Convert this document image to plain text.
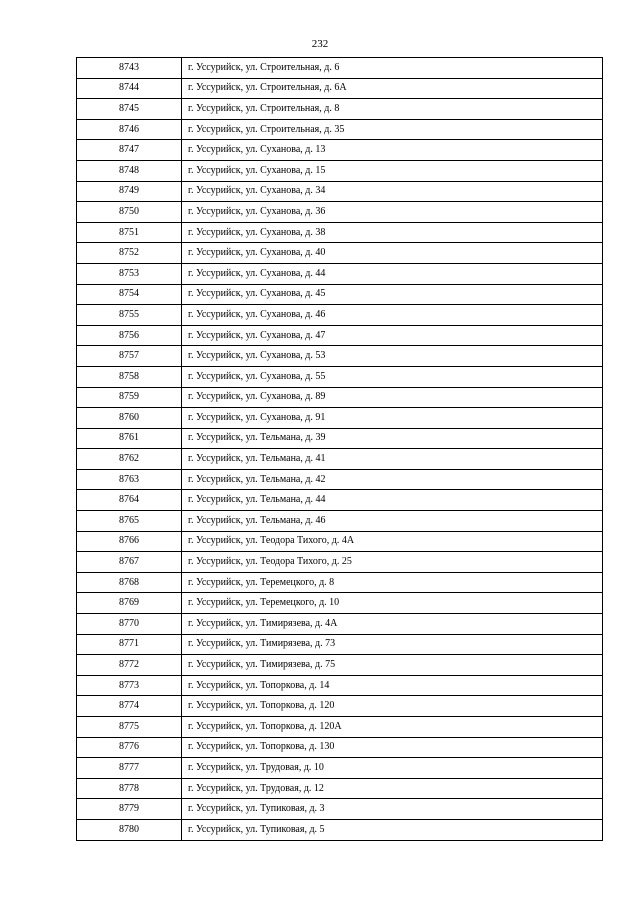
232
8743	г. Уссурийск, ул. Строительная, д. 6
8744	г. Уссурийск, ул. Строительная, д. 6А
8745	г. Уссурийск, ул. Строительная, д. 8
8746	г. Уссурийск, ул. Строительная, д. 35
8747	г. Уссурийск, ул. Суханова, д. 13
8748	г. Уссурийск, ул. Суханова, д. 15
8749	г. Уссурийск, ул. Суханова, д. 34
8750	г. Уссурийск, ул. Суханова, д. 36
8751	г. Уссурийск, ул. Суханова, д. 38
8752	г. Уссурийск, ул. Суханова, д. 40
8753	г. Уссурийск, ул. Суханова, д. 44
8754	г. Уссурийск, ул. Суханова, д. 45
8755	г. Уссурийск, ул. Суханова, д. 46
8756	г. Уссурийск, ул. Суханова, д. 47
8757	г. Уссурийск, ул. Суханова, д. 53
8758	г. Уссурийск, ул. Суханова, д. 55
8759	г. Уссурийск, ул. Суханова, д. 89
8760	г. Уссурийск, ул. Суханова, д. 91
8761	г. Уссурийск, ул. Тельмана, д. 39
8762	г. Уссурийск, ул. Тельмана, д. 41
8763	г. Уссурийск, ул. Тельмана, д. 42
8764	г. Уссурийск, ул. Тельмана, д. 44
8765	г. Уссурийск, ул. Тельмана, д. 46
8766	г. Уссурийск, ул. Теодора Тихого, д. 4А
8767	г. Уссурийск, ул. Теодора Тихого, д. 25
8768	г. Уссурийск, ул. Теремецкого, д. 8
8769	г. Уссурийск, ул. Теремецкого, д. 10
8770	г. Уссурийск, ул. Тимирязева, д. 4А
8771	г. Уссурийск, ул. Тимирязева, д. 73
8772	г. Уссурийск, ул. Тимирязева, д. 75
8773	г. Уссурийск, ул. Топоркова, д. 14
8774	г. Уссурийск, ул. Топоркова, д. 120
8775	г. Уссурийск, ул. Топоркова, д. 120А
8776	г. Уссурийск, ул. Топоркова, д. 130
8777	г. Уссурийск, ул. Трудовая, д. 10
8778	г. Уссурийск, ул. Трудовая, д. 12
8779	г. Уссурийск, ул. Тупиковая, д. 3
8780	г. Уссурийск, ул. Тупиковая, д. 5
